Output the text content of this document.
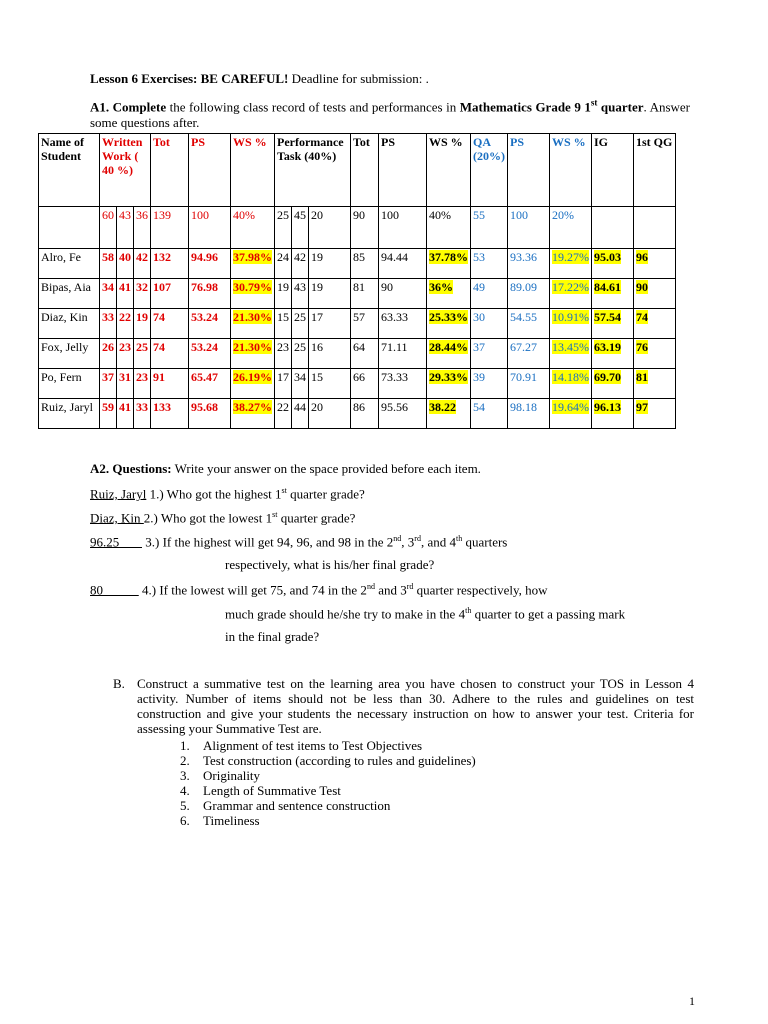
Lesson 6 Exercises: BE CAREFUL! Deadline for submission: .
A1. Complete the following class record of tests and performances in Mathematics Grade 9 1st quarter. Answer some questions after.
Name of Student	Written Work ( 40 %)			Tot	PS	WS %	Performance Task (40%)			Tot	PS	WS %	QA (20%)	PS	WS %	IG	1st QG
	60	43	36	139	100	40%	25	45	20	90	100	40%	55	100	20%		
Alro, Fe	58	40	42	132	94.96	37.98%	24	42	19	85	94.44	37.78%	53	93.36	19.27%	95.03	96
Bipas, Aia	34	41	32	107	76.98	30.79%	19	43	19	81	90	36%	49	89.09	17.22%	84.61	90
Diaz, Kin	33	22	19	74	53.24	21.30%	15	25	17	57	63.33	25.33%	30	54.55	10.91%	57.54	74
Fox, Jelly	26	23	25	74	53.24	21.30%	23	25	16	64	71.11	28.44%	37	67.27	13.45%	63.19	76
Po, Fern	37	31	23	91	65.47	26.19%	17	34	15	66	73.33	29.33%	39	70.91	14.18%	69.70	81
Ruiz, Jaryl	59	41	33	133	95.68	38.27%	22	44	20	86	95.56	38.22	54	98.18	19.64%	96.13	97
A2. Questions: Write your answer on the space provided before each item.
Ruiz, Jaryl 1.) Who got the highest 1st quarter grade?
Diaz, Kin 2.) Who got the lowest 1st quarter grade?
96.25        3.) If the highest will get 94, 96, and 98 in the 2nd, 3rd, and 4th quarters
respectively, what is his/her final grade?
80            4.) If the lowest will get 75, and 74 in the 2nd and 3rd quarter respectively, how
much grade should he/she try to make in the 4th quarter to get a passing mark
in the final grade?
B. Construct a summative test on the learning area you have chosen to construct your TOS in Lesson 4 activity. Number of items should not be less than 30. Adhere to the rules and guidelines on test construction and give your students the necessary instruction on how to answer your test. Criteria for assessing your Summative Test are.
1. Alignment of test items to Test Objectives
2. Test construction (according to rules and guidelines)
3. Originality
4. Length of Summative Test
5. Grammar and sentence construction
6. Timeliness
1
